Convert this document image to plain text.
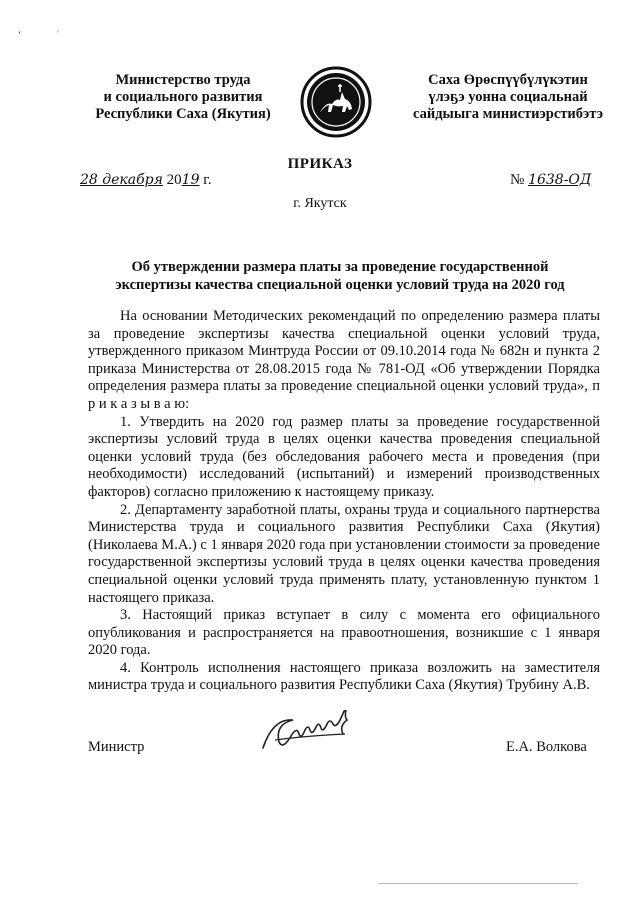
‘	ʾ
Министерство труда
и социального развития
Республики Саха (Якутия)
Саха Өрөспүүбүлүкэтин
үлэҕэ уонна социальнай
сайдыыга министиэрстибэтэ
ПРИКАЗ
28 декабря 2019 г.	№ 1638-ОД
г. Якутск
Об утверждении размера платы за проведение государственной
экспертизы качества специальной оценки условий труда на 2020 год

На основании Методических рекомендаций по определению размера платы за проведение экспертизы качества специальной оценки условий труда, утвержденного приказом Минтруда России от 09.10.2014 года № 682н и пункта 2 приказа Министерства от 28.08.2015 года № 781-ОД «Об утверждении Порядка определения размера платы за проведение специальной оценки условий труда», п р и к а з ы в а ю:

1. Утвердить на 2020 год размер платы за проведение государственной экспертизы условий труда в целях оценки качества проведения специальной оценки условий труда (без обследования рабочего места и проведения (при необходимости) исследований (испытаний) и измерений производственных факторов) согласно приложению к настоящему приказу.

2. Департаменту заработной платы, охраны труда и социального партнерства Министерства труда и социального развития Республики Саха (Якутия) (Николаева М.А.) с 1 января 2020 года при установлении стоимости за проведение государственной экспертизы условий труда в целях оценки качества проведения специальной оценки условий труда применять плату, установленную пунктом 1 настоящего приказа.

3. Настоящий приказ вступает в силу с момента его официального опубликования и распространяется на правоотношения, возникшие с 1 января 2020 года.

4. Контроль исполнения настоящего приказа возложить на заместителя министра труда и социального развития Республики Саха (Якутия) Трубину А.В.

Министр	Е.А. Волкова
